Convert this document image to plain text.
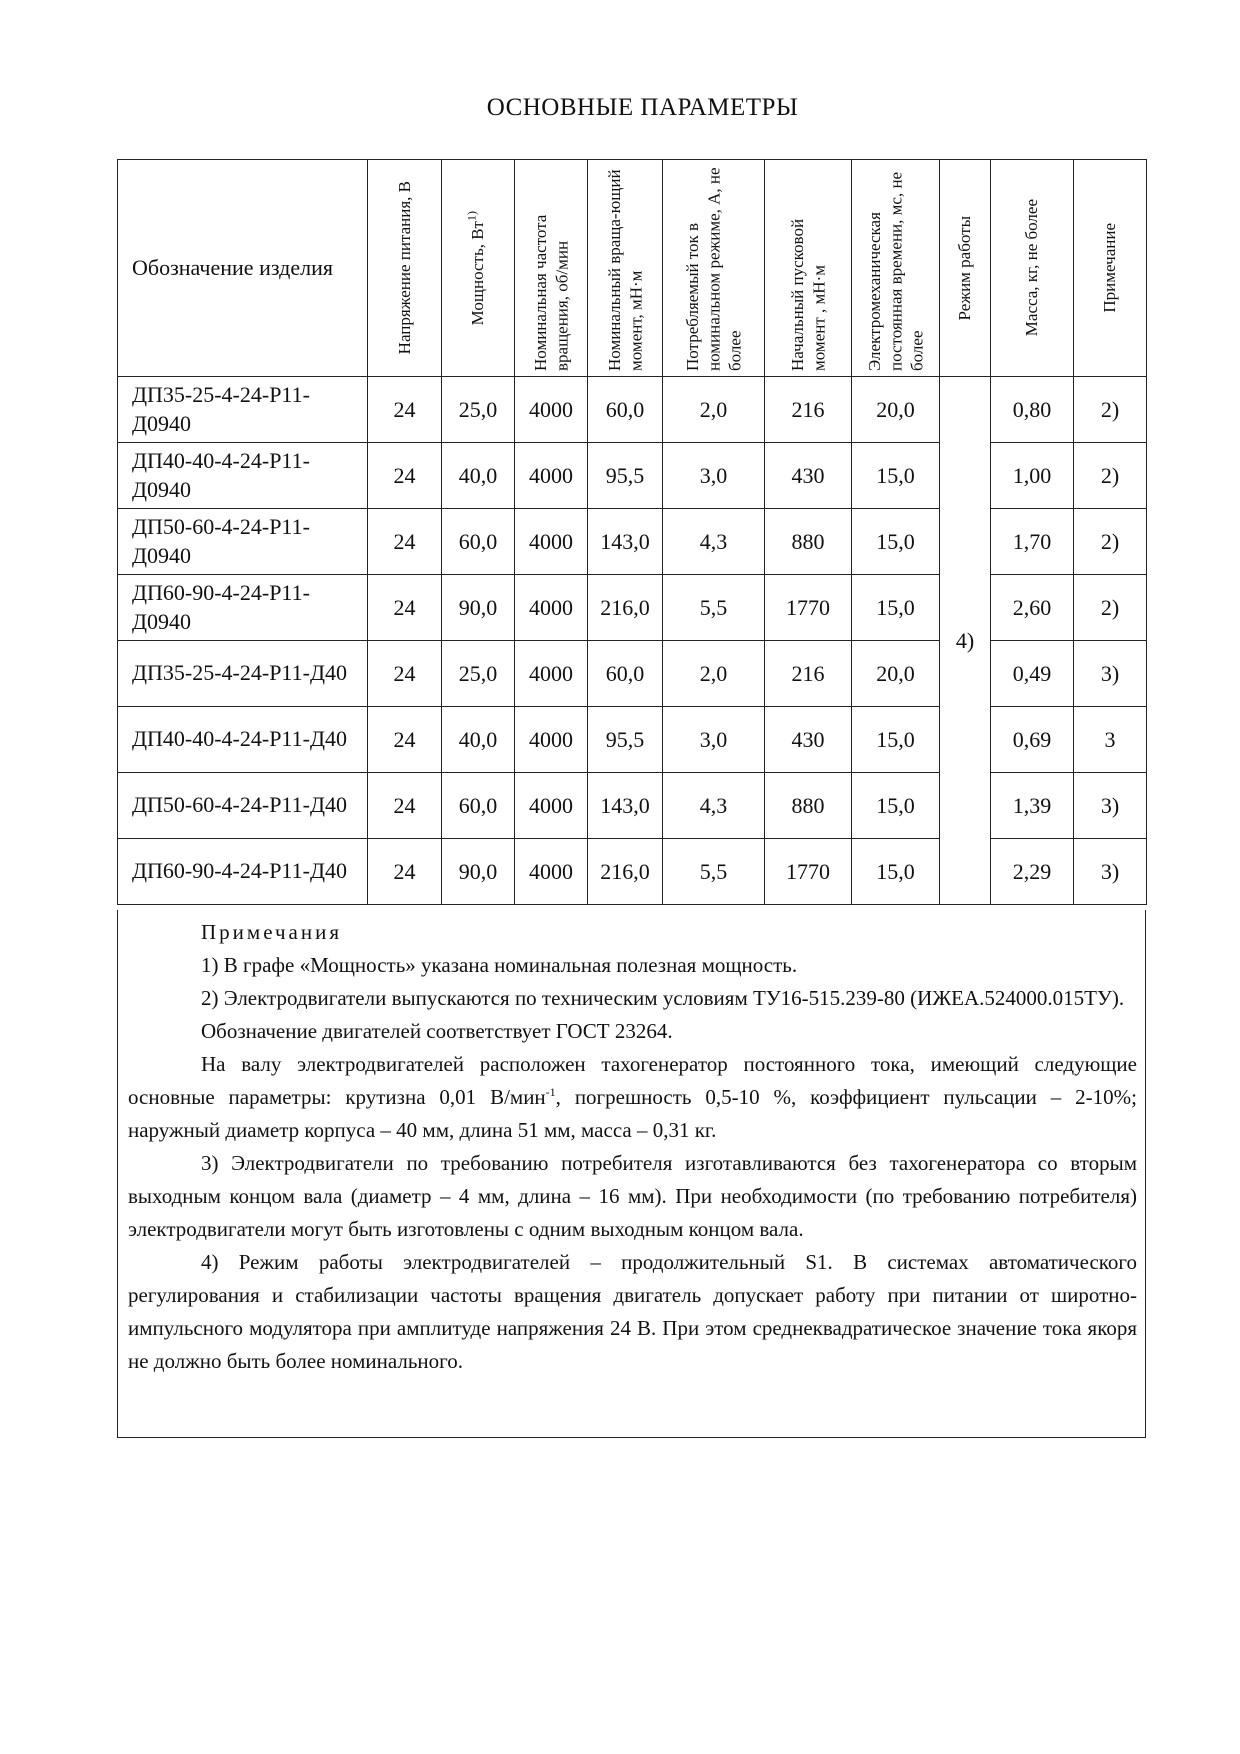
ОСНОВНЫЕ ПАРАМЕТРЫ
Обозначение изделия	Напряжение питания, В	Мощность, $Вт^{1)}$	Номинальная частота вращения, об/мин	Номинальный враща-ющий момент, мН·м	Потребляемый ток в номинальном режиме, А, не более	Начальный пусковой момент , мН·м	Электромеханическая постоянная времени, мс, не более	Режим работы	Масса, кг, не более	Примечание

ДП35-25-4-24-Р11-Д0940	24	25,0	4000	60,0	2,0	216	20,0	4)	0,80	2)
ДП40-40-4-24-Р11-Д0940	24	40,0	4000	95,5	3,0	430	15,0		1,00	2)
ДП50-60-4-24-Р11-Д0940	24	60,0	4000	143,0	4,3	880	15,0		1,70	2)
ДП60-90-4-24-Р11-Д0940	24	90,0	4000	216,0	5,5	1770	15,0		2,60	2)
ДП35-25-4-24-Р11-Д40	24	25,0	4000	60,0	2,0	216	20,0		0,49	3)
ДП40-40-4-24-Р11-Д40	24	40,0	4000	95,5	3,0	430	15,0		0,69	3
ДП50-60-4-24-Р11-Д40	24	60,0	4000	143,0	4,3	880	15,0		1,39	3)
ДП60-90-4-24-Р11-Д40	24	90,0	4000	216,0	5,5	1770	15,0		2,29	3)

Примечания

1) В графе «Мощность» указана номинальная полезная мощность.

2) Электродвигатели выпускаются по техническим условиям ТУ16-515.239-80 (ИЖЕА.524000.015ТУ).

Обозначение двигателей соответствует ГОСТ 23264.

На валу электродвигателей расположен тахогенератор постоянного тока, имеющий следующие основные параметры: крутизна 0,01 В/мин$^{-1}$, погрешность 0,5-10 %, коэффициент пульсации – 2-10%; наружный диаметр корпуса – 40 мм, длина 51 мм, масса – 0,31 кг.

3) Электродвигатели по требованию потребителя изготавливаются без тахогенератора со вторым выходным концом вала (диаметр – 4 мм, длина – 16 мм). При необходимости (по требованию потребителя) электродвигатели могут быть изготовлены с одним выходным концом вала.

4) Режим работы электродвигателей – продолжительный S1. В системах автоматического регулирования и стабилизации частоты вращения двигатель допускает работу при питании от широтно-импульсного модулятора при амплитуде напряжения 24 В. При этом среднеквадратическое значение тока якоря не должно быть более номинального.
